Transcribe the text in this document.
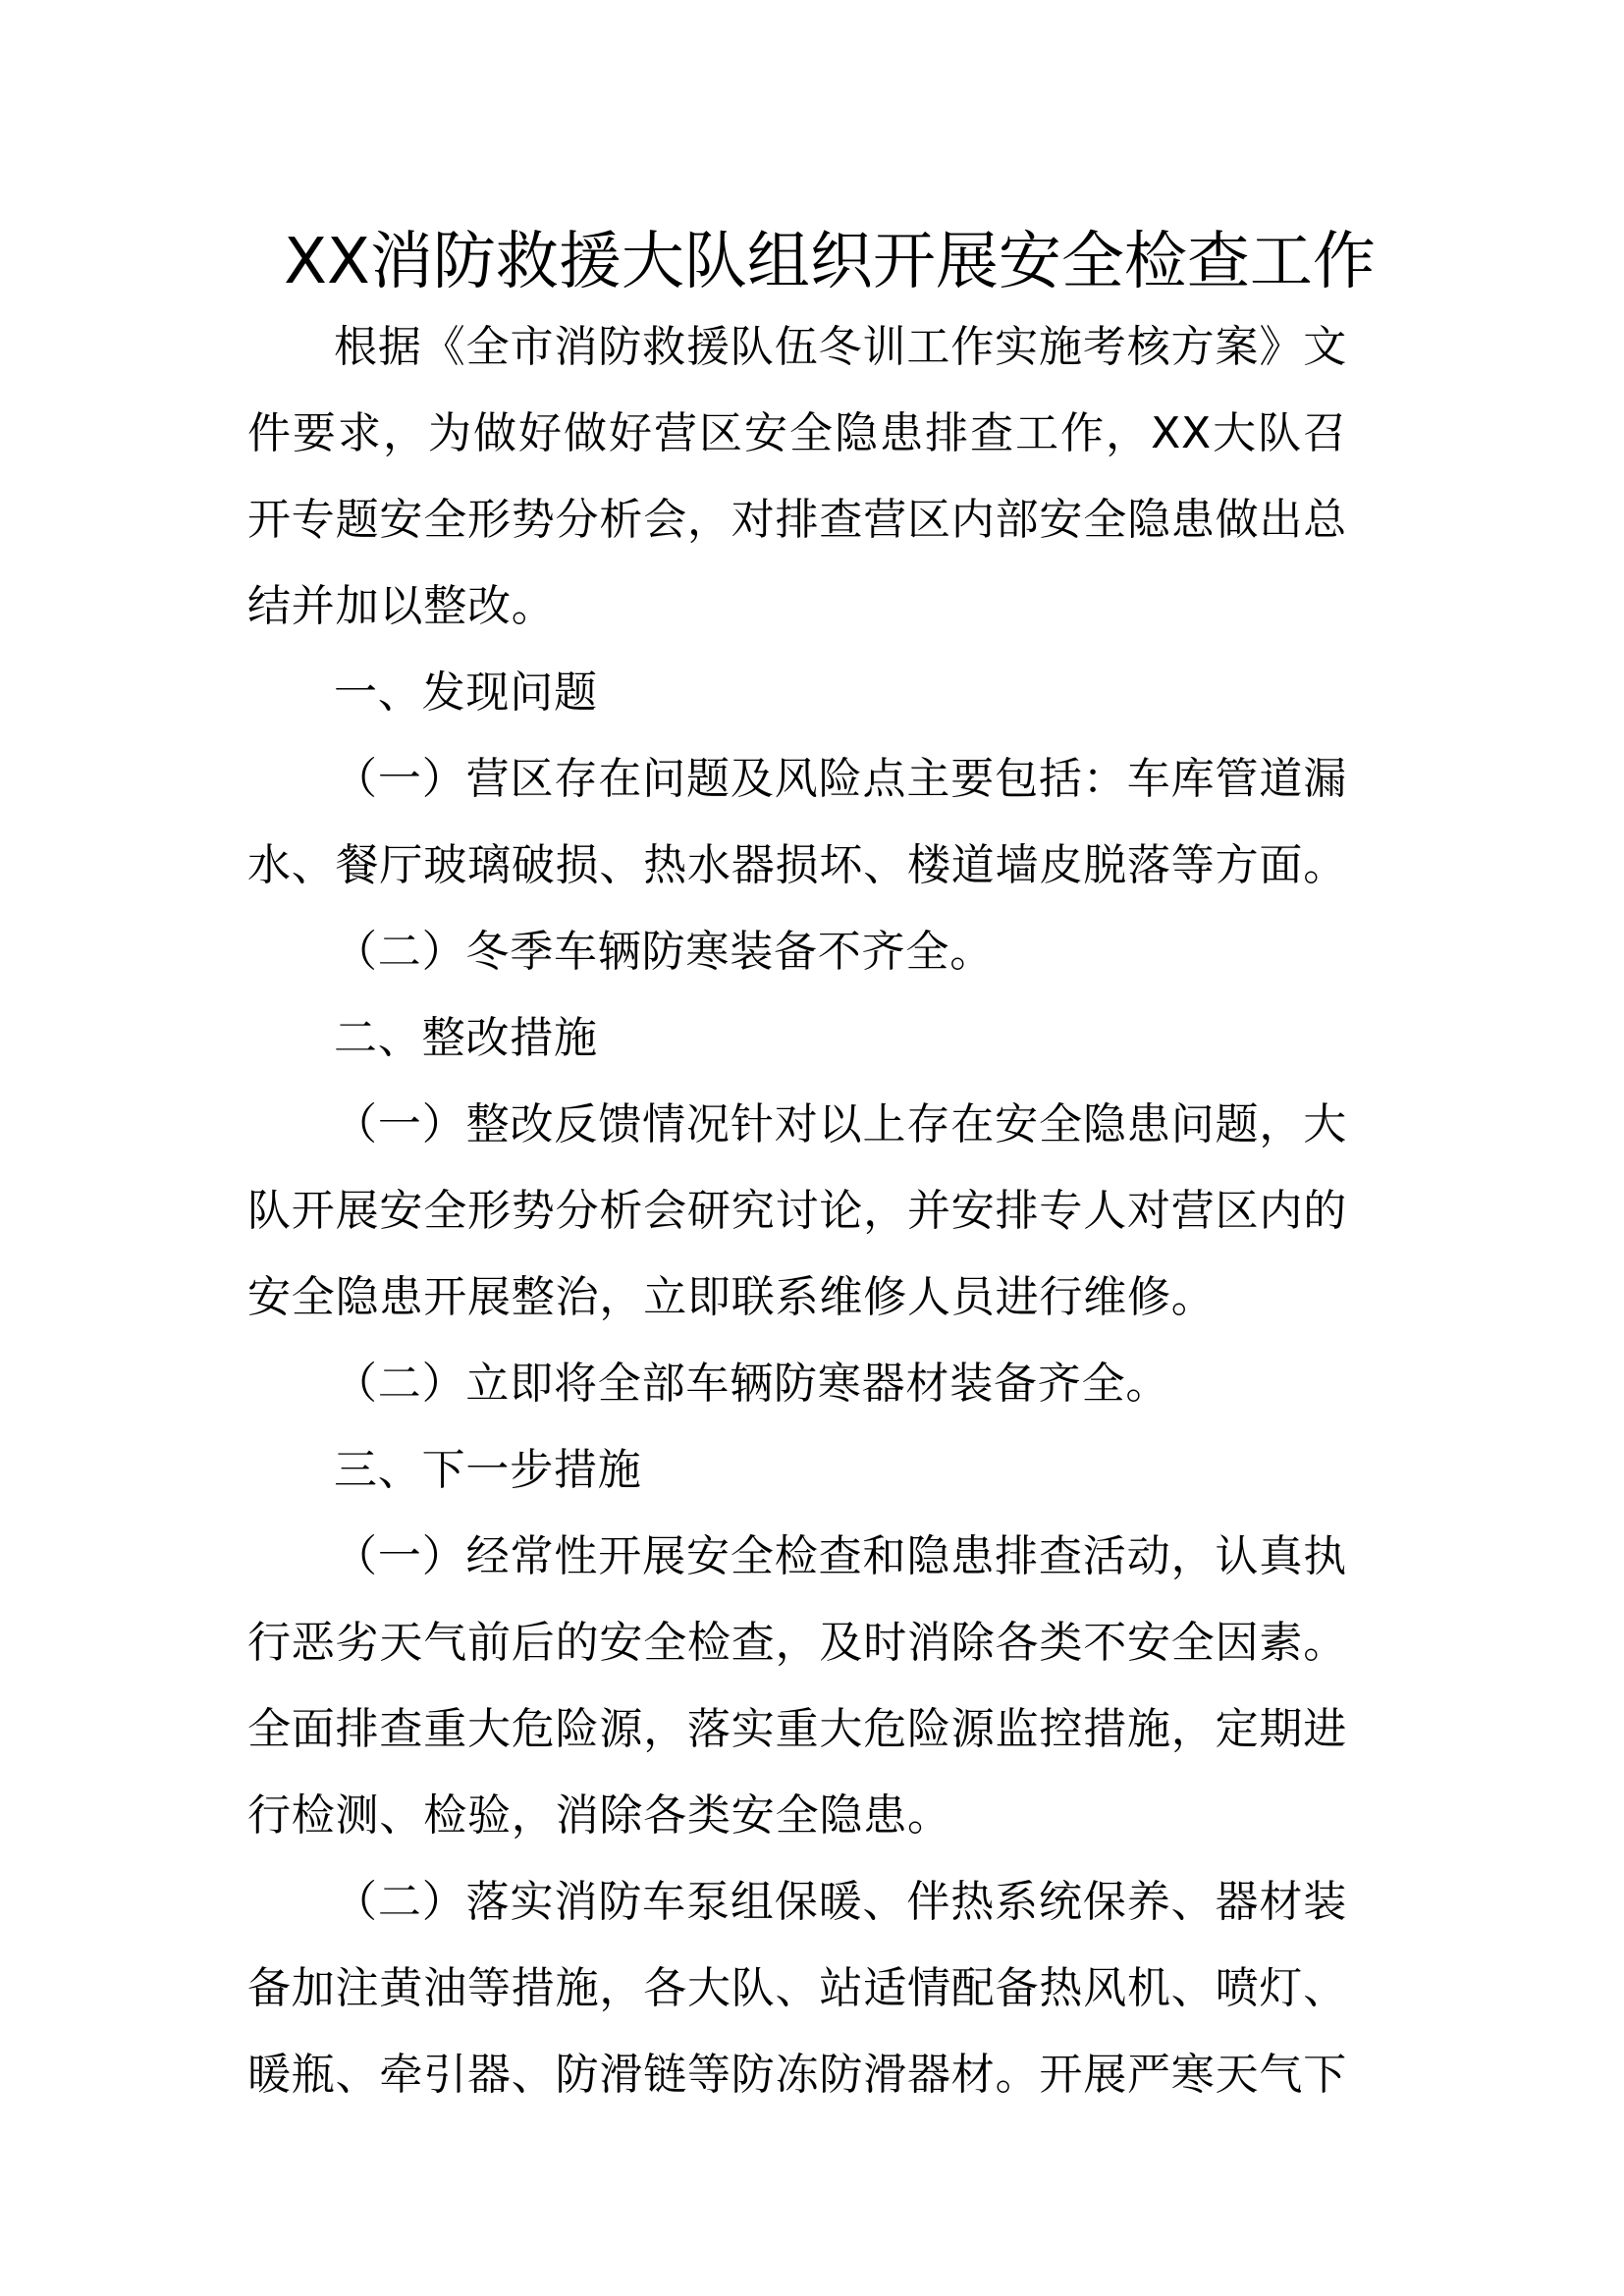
XX消防救援大队组织开展安全检查工作

根据《全市消防救援队伍冬训工作实施考核方案》文件要求，为做好做好营区安全隐患排查工作，XX大队召开专题安全形势分析会，对排查营区内部安全隐患做出总结并加以整改。

一、发现问题

（一）营区存在问题及风险点主要包括：车库管道漏水、餐厅玻璃破损、热水器损坏、楼道墙皮脱落等方面。

（二）冬季车辆防寒装备不齐全。

二、整改措施

（一）整改反馈情况针对以上存在安全隐患问题，大队开展安全形势分析会研究讨论，并安排专人对营区内的安全隐患开展整治，立即联系维修人员进行维修。

（二）立即将全部车辆防寒器材装备齐全。

三、下一步措施

（一）经常性开展安全检查和隐患排查活动，认真执行恶劣天气前后的安全检查，及时消除各类不安全因素。全面排查重大危险源，落实重大危险源监控措施，定期进行检测、检验，消除各类安全隐患。

（二）落实消防车泵组保暖、伴热系统保养、器材装备加注黄油等措施，各大队、站适情配备热风机、喷灯、暖瓶、牵引器、防滑链等防冻防滑器材。开展严寒天气下
